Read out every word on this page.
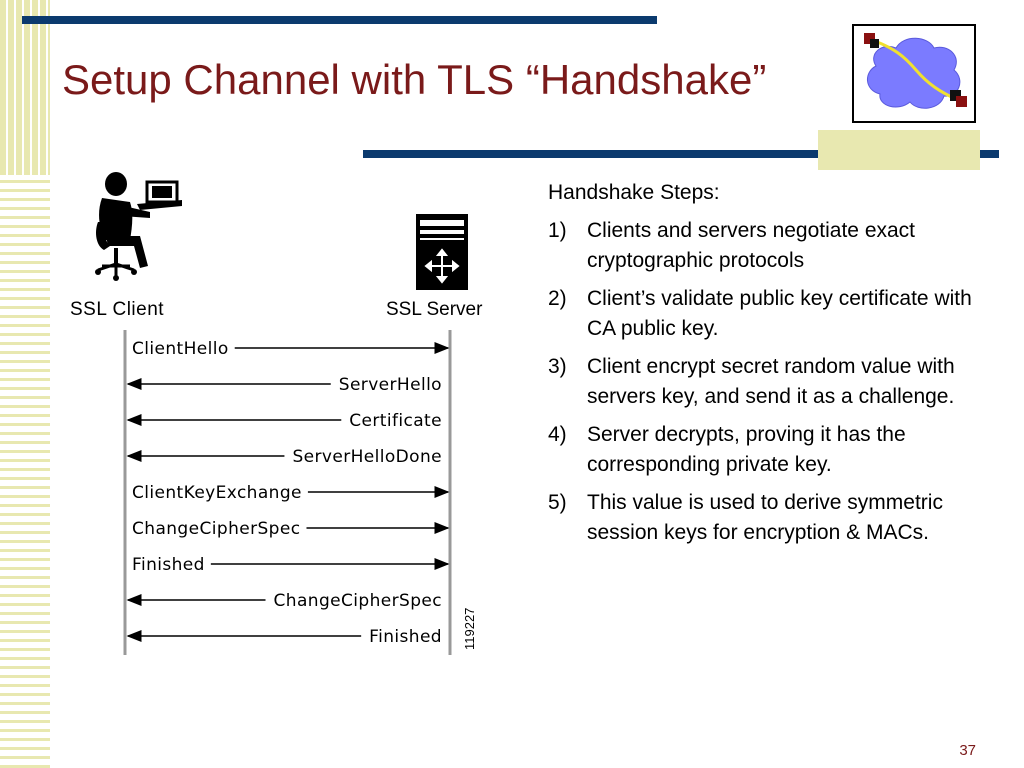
Setup Channel with TLS “Handshake”
SSL Client	SSL Server
ClientHello
ServerHello
Certificate
ServerHelloDone
ClientKeyExchange
ChangeCipherSpec
Finished
ChangeCipherSpec
Finished 119227
Handshake Steps:
1) Clients and servers negotiate exact cryptographic protocols
2) Client’s validate public key certificate with CA public key.
3) Client encrypt secret random value with servers key, and send it as a challenge.
4) Server decrypts, proving it has the corresponding private key.
5) This value is used to derive symmetric session keys for encryption & MACs.
37
